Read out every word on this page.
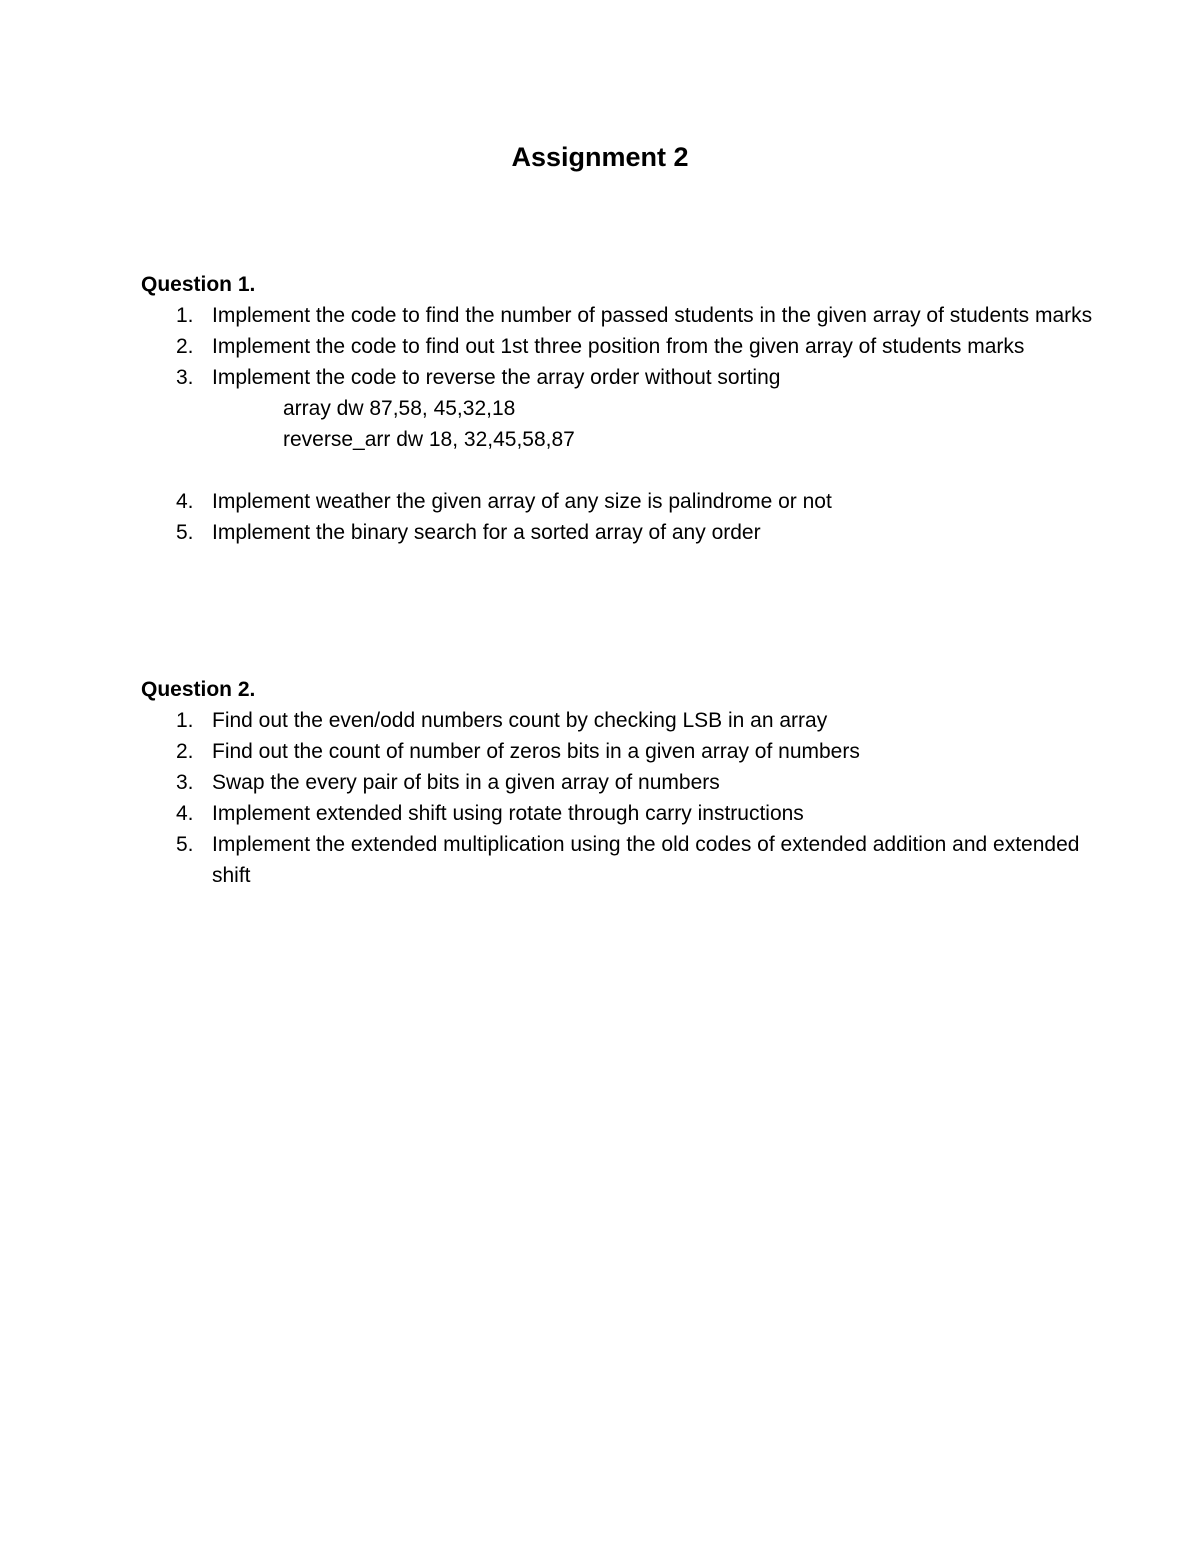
Assignment 2
Question 1.
1. Implement the code to find the number of passed students in the given array of students marks
2. Implement the code to find out 1st three position from the given array of students marks
3. Implement the code to reverse the array order without sorting
array dw 87,58, 45,32,18
reverse_arr dw 18, 32,45,58,87
4. Implement weather the given array of any size is palindrome or not
5. Implement the binary search for a sorted array of any order
Question 2.
1. Find out the even/odd numbers count by checking LSB in an array
2. Find out the count of number of zeros bits in a given array of numbers
3. Swap the every pair of bits in a given array of numbers
4. Implement extended shift using rotate through carry instructions
5. Implement the extended multiplication using the old codes of extended addition and extended shift
